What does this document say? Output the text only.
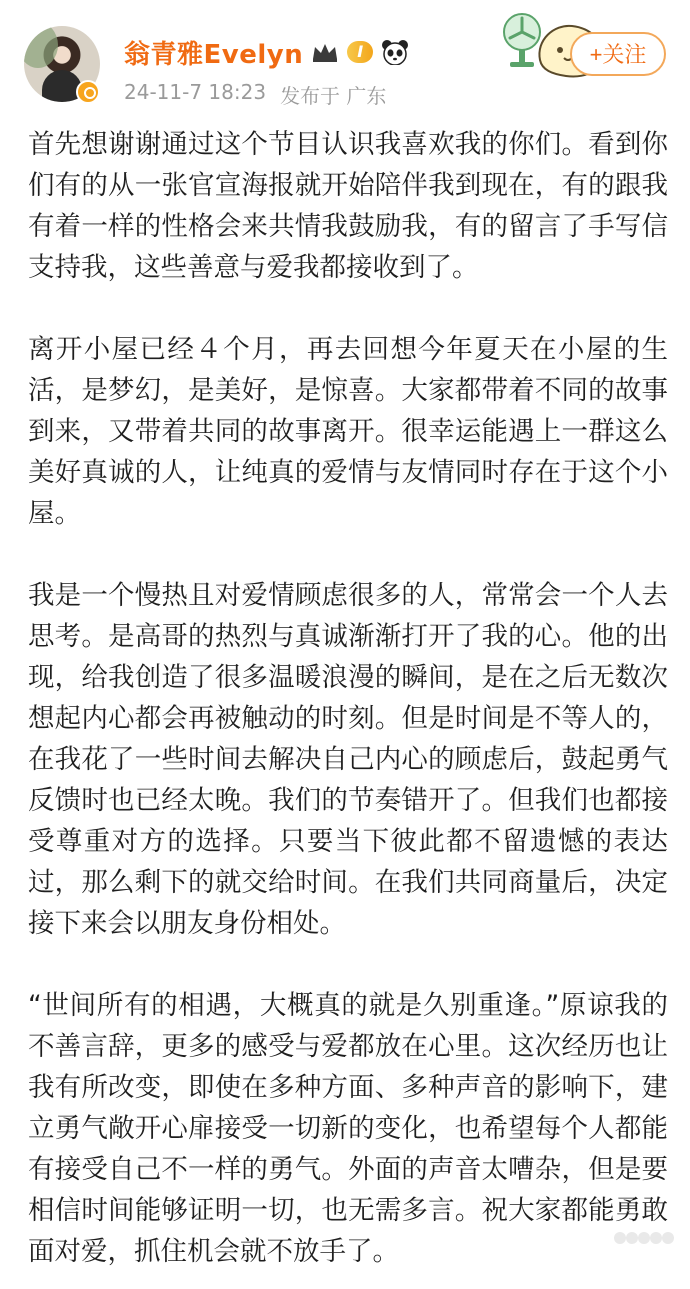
翁青雅Evelyn	I
24-11-7 18:23 发布于 广东
+关注

首先想谢谢通过这个节目认识我喜欢我的你们。看到你们有的从一张官宣海报就开始陪伴我到现在，有的跟我有着一样的性格会来共情我鼓励我，有的留言了手写信支持我，这些善意与爱我都接收到了。

离开小屋已经４个月，再去回想今年夏天在小屋的生活，是梦幻，是美好，是惊喜。大家都带着不同的故事到来，又带着共同的故事离开。很幸运能遇上一群这么美好真诚的人，让纯真的爱情与友情同时存在于这个小屋。

我是一个慢热且对爱情顾虑很多的人，常常会一个人去思考。是高哥的热烈与真诚渐渐打开了我的心。他的出现，给我创造了很多温暖浪漫的瞬间，是在之后无数次想起内心都会再被触动的时刻。但是时间是不等人的，在我花了一些时间去解决自己内心的顾虑后，鼓起勇气反馈时也已经太晚。我们的节奏错开了。但我们也都接受尊重对方的选择。只要当下彼此都不留遗憾的表达过，那么剩下的就交给时间。在我们共同商量后，决定接下来会以朋友身份相处。

“世间所有的相遇，大概真的就是久别重逢。”原谅我的不善言辞，更多的感受与爱都放在心里。这次经历也让我有所改变，即使在多种方面、多种声音的影响下，建立勇气敞开心扉接受一切新的变化，也希望每个人都能有接受自己不一样的勇气。外面的声音太嘈杂，但是要相信时间能够证明一切，也无需多言。祝大家都能勇敢面对爱，抓住机会就不放手了。
